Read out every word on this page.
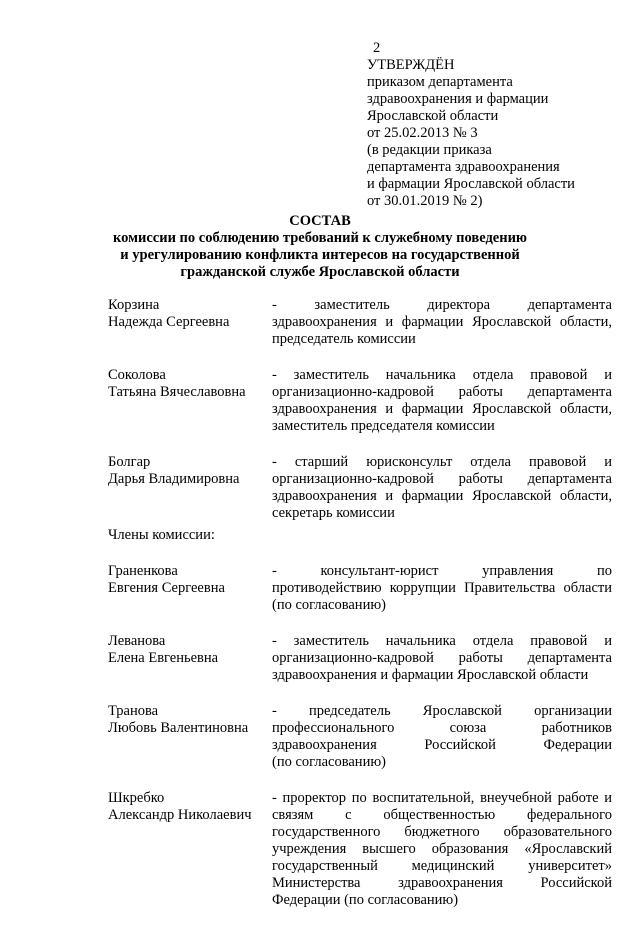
2
УТВЕРЖДЁН
приказом департамента
здравоохранения и фармации
Ярославской области
от 25.02.2013 № 3
(в редакции приказа
департамента здравоохранения
и фармации Ярославской области
от 30.01.2019 № 2)
СОСТАВ
комиссии по соблюдению требований к служебному поведению
и урегулированию конфликта интересов на государственной
гражданской службе Ярославской области
Корзина
Надежда Сергеевна
- заместитель директора департамента
здравоохранения и фармации Ярославской области,
председатель комиссии
Соколова
Татьяна Вячеславовна
- заместитель начальника отдела правовой и
организационно-кадровой работы департамента
здравоохранения и фармации Ярославской области,
заместитель председателя комиссии
Болгар
Дарья Владимировна
- старший юрисконсульт отдела правовой и
организационно-кадровой работы департамента
здравоохранения и фармации Ярославской области,
секретарь комиссии
Члены комиссии:
Граненкова
Евгения Сергеевна
- консультант-юрист управления по
противодействию коррупции Правительства области
(по согласованию)
Леванова
Елена Евгеньевна
- заместитель начальника отдела правовой и
организационно-кадровой работы департамента
здравоохранения и фармации Ярославской области
Транова
Любовь Валентиновна
- председатель Ярославской организации
профессионального союза работников
здравоохранения Российской Федерации
(по согласованию)
Шкребко
Александр Николаевич
- проректор по воспитательной, внеучебной работе и
связям с общественностью федерального
государственного бюджетного образовательного
учреждения высшего образования «Ярославский
государственный медицинский университет»
Министерства здравоохранения Российской
Федерации (по согласованию)
